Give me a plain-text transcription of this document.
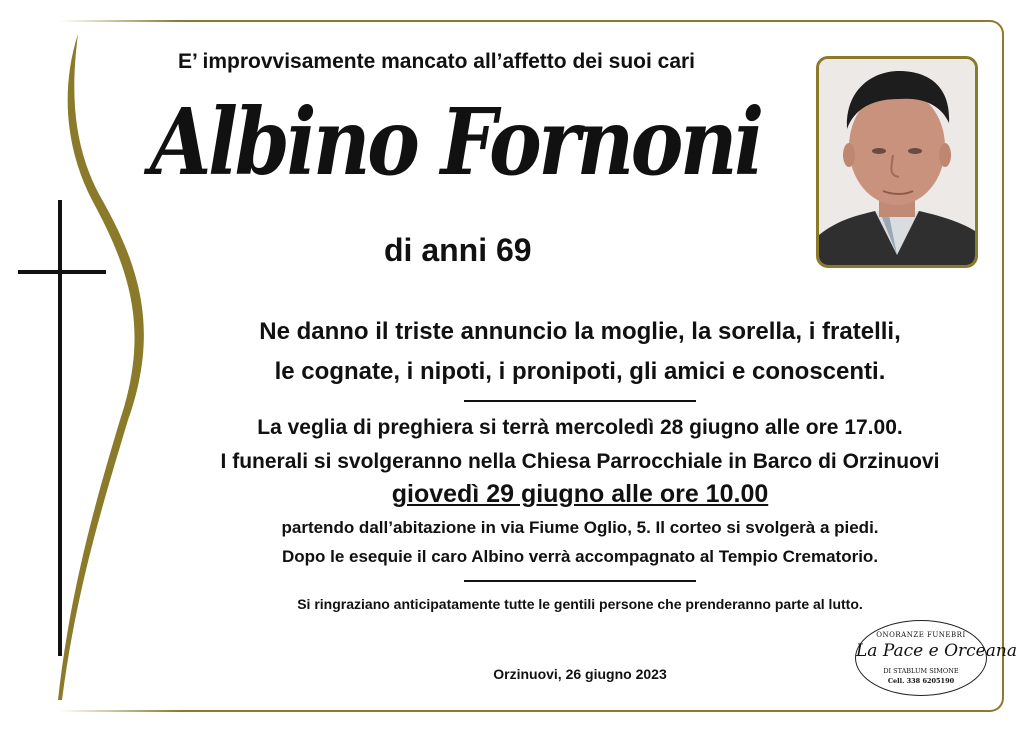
E’ improvvisamente mancato all’affetto dei suoi cari
Albino Fornoni
di anni 69
Ne danno il triste annuncio la moglie, la sorella, i fratelli,
le cognate, i nipoti, i pronipoti, gli amici e conoscenti.
La veglia di preghiera si terrà mercoledì 28 giugno alle ore 17.00.
I funerali si svolgeranno nella Chiesa Parrocchiale in Barco di Orzinuovi
giovedì 29 giugno alle ore 10.00
partendo dall’abitazione in via Fiume Oglio, 5. Il corteo si svolgerà a piedi.
Dopo le esequie il caro Albino verrà accompagnato al Tempio Crematorio.
Si ringraziano anticipatamente tutte le gentili persone che prenderanno parte al lutto.
Orzinuovi, 26 giugno 2023
ONORANZE FUNEBRI
La Pace e Orceana
DI STABLUM SIMONE
Cell. 338 6205190
